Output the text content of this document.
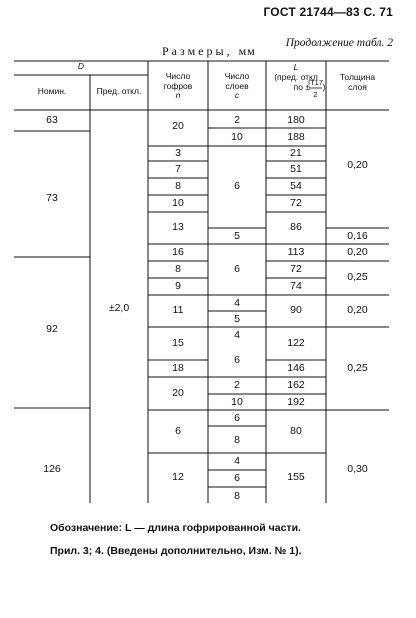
ГОСТ 21744—83 С. 71
Продолжение табл. 2
Размеры, мм
D
Номин.	Пред. откл.
Число
гофров
n
Число
слоев
с
L
(пред. откл
по ±
IT17
2
)
Толщина
слоя
63
73
92
126
±2,0
20
3
7
8
10
13
16
8
9
11
15
18
20
6
12
2
10
6
5
6
4
5
4
6
2
10
6
8
4
6
8
180
188
21
51
54
72
86
113
72
74
90
122
146
162
192
80
155
0,20
0,16
0,20
0,25
0,20
0,25
0,30
Обозначение: L — длина гофрированной части.
Прил. 3; 4. (Введены дополнительно, Изм. № 1).
